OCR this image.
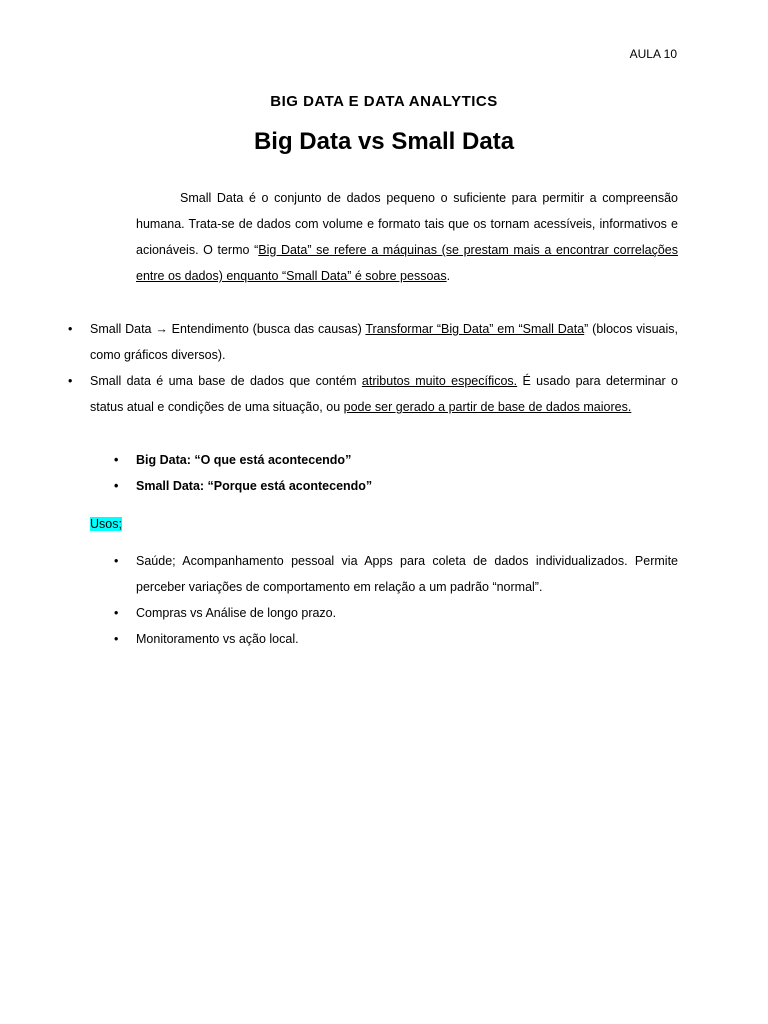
AULA 10
BIG DATA E DATA ANALYTICS
Big Data vs Small Data

Small Data é o conjunto de dados pequeno o suficiente para permitir a compreensão humana. Trata-se de dados com volume e formato tais que os tornam acessíveis, informativos e acionáveis. O termo “Big Data” se refere a máquinas (se prestam mais a encontrar correlações entre os dados) enquanto “Small Data” é sobre pessoas.

• Small Data → Entendimento (busca das causas) Transformar “Big Data” em “Small Data” (blocos visuais, como gráficos diversos).
• Small data é uma base de dados que contém atributos muito específicos. É usado para determinar o status atual e condições de uma situação, ou pode ser gerado a partir de base de dados maiores.
• Big Data: “O que está acontecendo”
• Small Data: “Porque está acontecendo”
Usos;
• Saúde; Acompanhamento pessoal via Apps para coleta de dados individualizados. Permite perceber variações de comportamento em relação a um padrão “normal”.
• Compras vs Análise de longo prazo.
• Monitoramento vs ação local.
